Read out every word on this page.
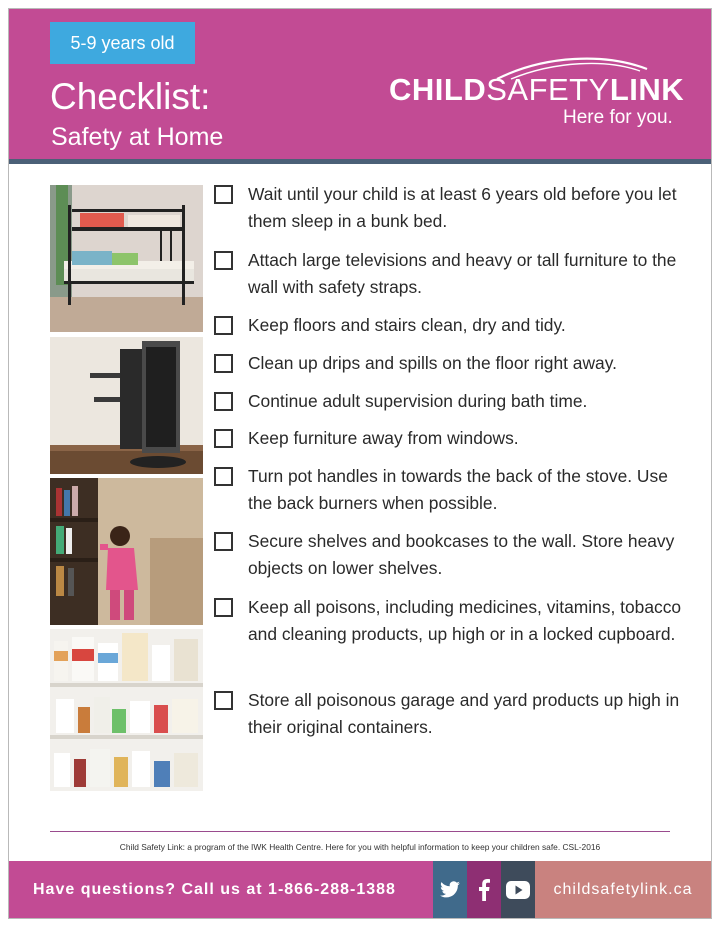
5-9 years old
Checklist:
Safety at Home
CHILDSAFETYLINK
Here for you.
Wait until your child is at least 6 years old before you let them sleep in a bunk bed.
Attach large televisions and heavy or tall furniture to the wall with safety straps.
Keep floors and stairs clean, dry and tidy.
Clean up drips and spills on the floor right away.
Continue adult supervision during bath time.
Keep furniture away from windows.
Turn pot handles in towards the back of the stove. Use the back burners when possible.
Secure shelves and bookcases to the wall. Store heavy objects on lower shelves.
Keep all poisons, including medicines, vitamins, tobacco and cleaning products, up high or in a locked cupboard.
Store all poisonous garage and yard products up high in their original containers.
Child Safety Link: a program of the IWK Health Centre. Here for you with helpful information to keep your children safe. CSL-2016
Have questions? Call us at 1-866-288-1388	childsafetylink.ca
